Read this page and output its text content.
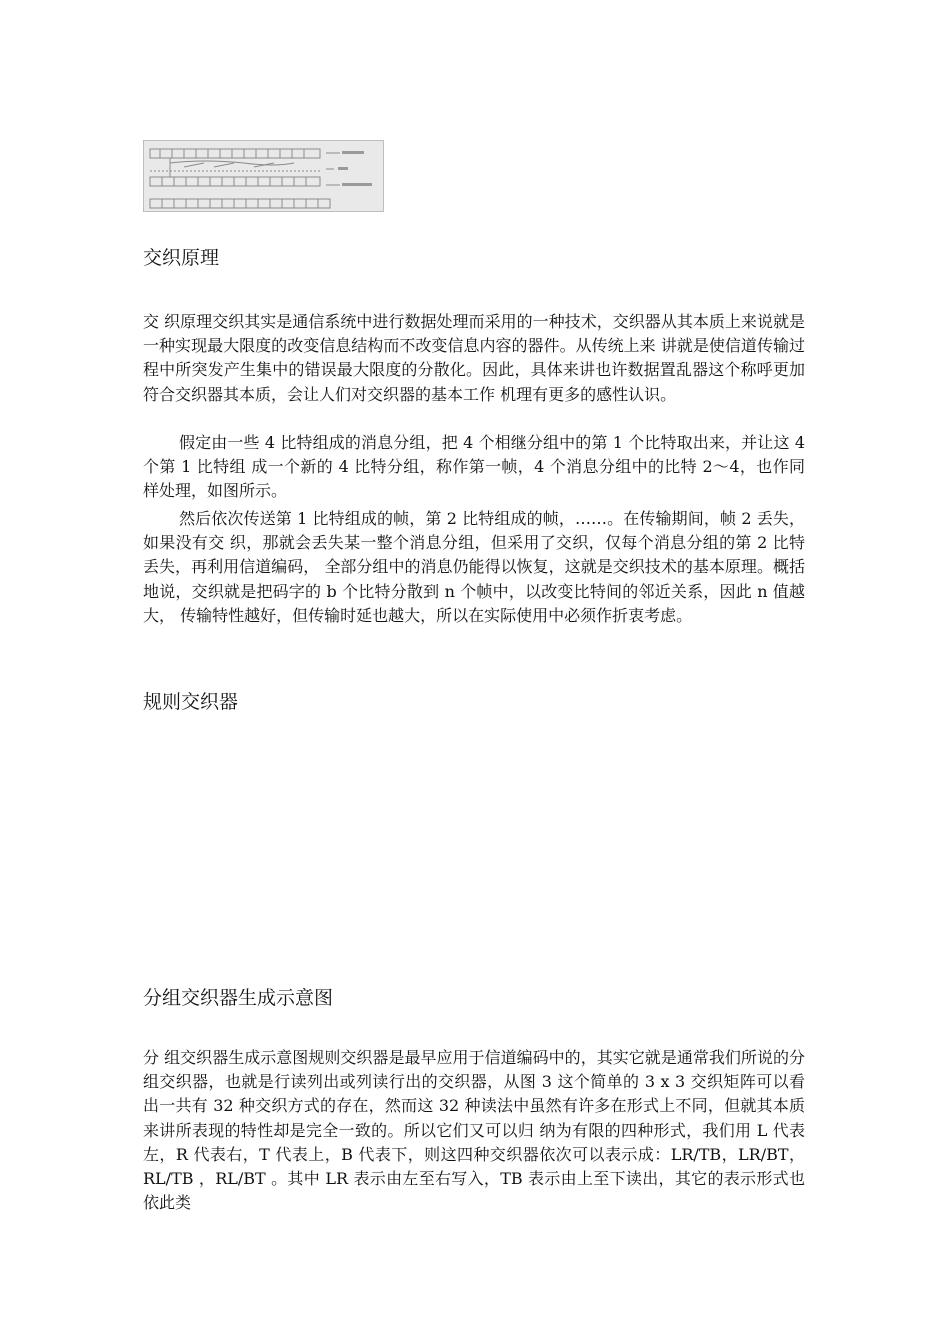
交织原理

交 织原理交织其实是通信系统中进行数据处理而采用的一种技术，交织器从其本质上来说就是一种实现最大限度的改变信息结构而不改变信息内容的器件。从传统上来 讲就是使信道传输过程中所突发产生集中的错误最大限度的分散化。因此，具体来讲也许数据置乱器这个称呼更加符合交织器其本质，会让人们对交织器的基本工作 机理有更多的感性认识。

假定由一些 4 比特组成的消息分组，把 4 个相继分组中的第 1 个比特取出来，并让这 4 个第 1 比特组 成一个新的 4 比特分组，称作第一帧，4 个消息分组中的比特 2～4，也作同样处理，如图所示。

然后依次传送第 1 比特组成的帧，第 2 比特组成的帧，……。在传输期间，帧 2 丢失，如果没有交 织，那就会丢失某一整个消息分组，但采用了交织，仅每个消息分组的第 2 比特丢失，再利用信道编码， 全部分组中的消息仍能得以恢复，这就是交织技术的基本原理。概括地说，交织就是把码字的 b 个比特分散到 n 个帧中，以改变比特间的邻近关系，因此 n 值越大， 传输特性越好，但传输时延也越大，所以在实际使用中必须作折衷考虑。

规则交织器
分组交织器生成示意图

分 组交织器生成示意图规则交织器是最早应用于信道编码中的，其实它就是通常我们所说的分组交织器，也就是行读列出或列读行出的交织器，从图 3 这个简单的 3 x 3 交织矩阵可以看出一共有 32 种交织方式的存在，然而这 32 种读法中虽然有许多在形式上不同，但就其本质来讲所表现的特性却是完全一致的。所以它们又可以归 纳为有限的四种形式，我们用 L 代表左，R 代表右，T 代表上，B 代表下，则这四种交织器依次可以表示成：LR/TB，LR/BT，RL/TB ，RL/BT 。其中 LR 表示由左至右写入，TB 表示由上至下读出，其它的表示形式也依此类
